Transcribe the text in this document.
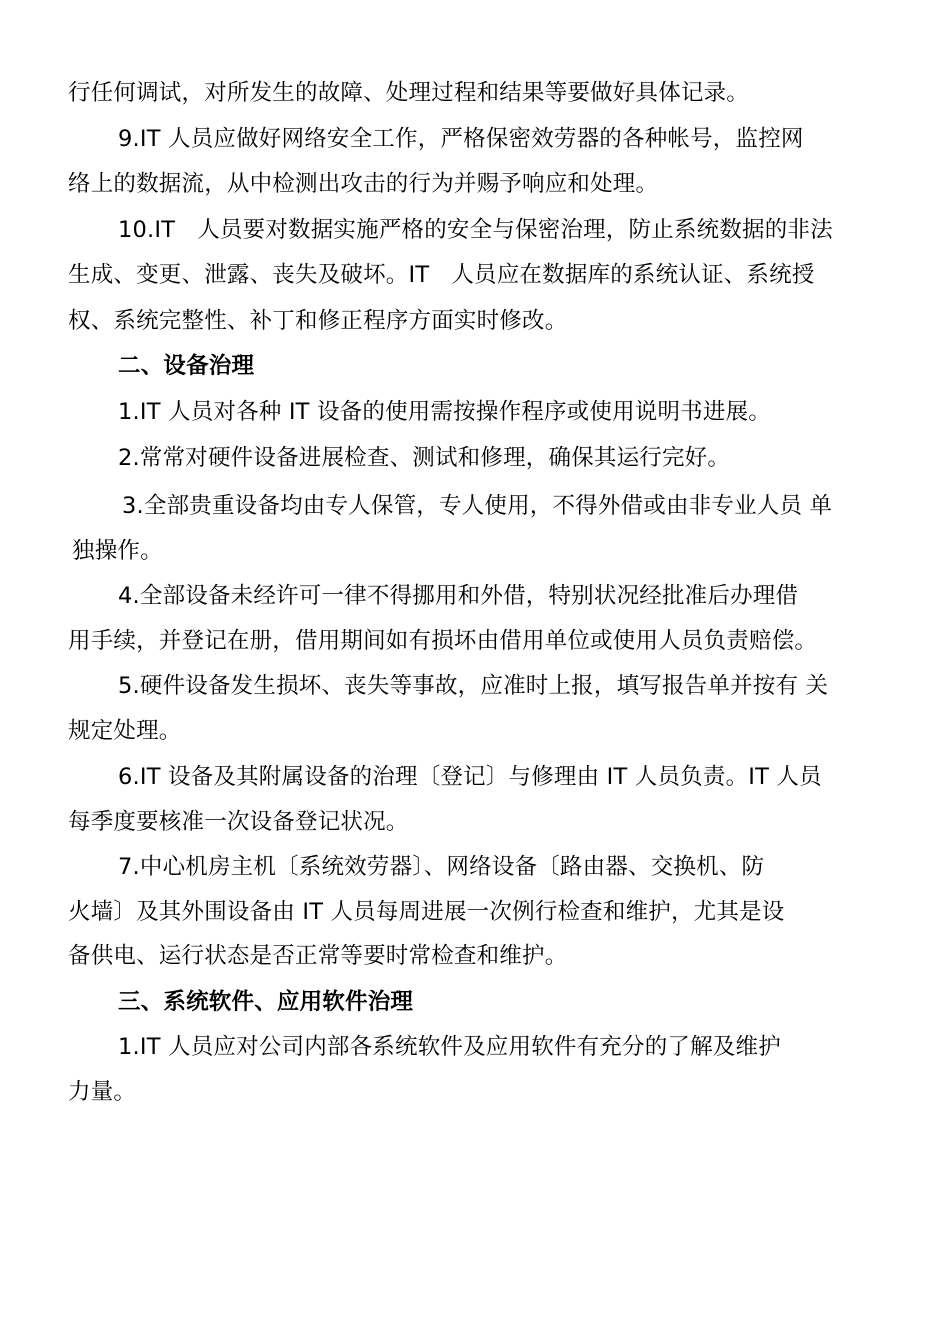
行任何调试，对所发生的故障、处理过程和结果等要做好具体记录。

9.IT 人员应做好网络安全工作，严格保密效劳器的各种帐号，监控网

络上的数据流，从中检测出攻击的行为并赐予响应和处理。

10.IT   人员要对数据实施严格的安全与保密治理，防止系统数据的非法

生成、变更、泄露、丧失及破坏。IT   人员应在数据库的系统认证、系统授

权、系统完整性、补丁和修正程序方面实时修改。

二、设备治理

1.IT 人员对各种 IT 设备的使用需按操作程序或使用说明书进展。

2.常常对硬件设备进展检查、测试和修理，确保其运行完好。

3.全部贵重设备均由专人保管，专人使用，不得外借或由非专业人员 单

独操作。

4.全部设备未经许可一律不得挪用和外借，特别状况经批准后办理借

用手续，并登记在册，借用期间如有损坏由借用单位或使用人员负责赔偿。

5.硬件设备发生损坏、丧失等事故，应准时上报，填写报告单并按有 关

规定处理。

6.IT 设备及其附属设备的治理〔登记〕与修理由 IT 人员负责。IT 人员

每季度要核准一次设备登记状况。

7.中心机房主机〔系统效劳器〕、网络设备〔路由器、交换机、防

火墙〕及其外围设备由 IT 人员每周进展一次例行检查和维护，尤其是设

备供电、运行状态是否正常等要时常检查和维护。

三、系统软件、应用软件治理

1.IT 人员应对公司内部各系统软件及应用软件有充分的了解及维护

力量。
